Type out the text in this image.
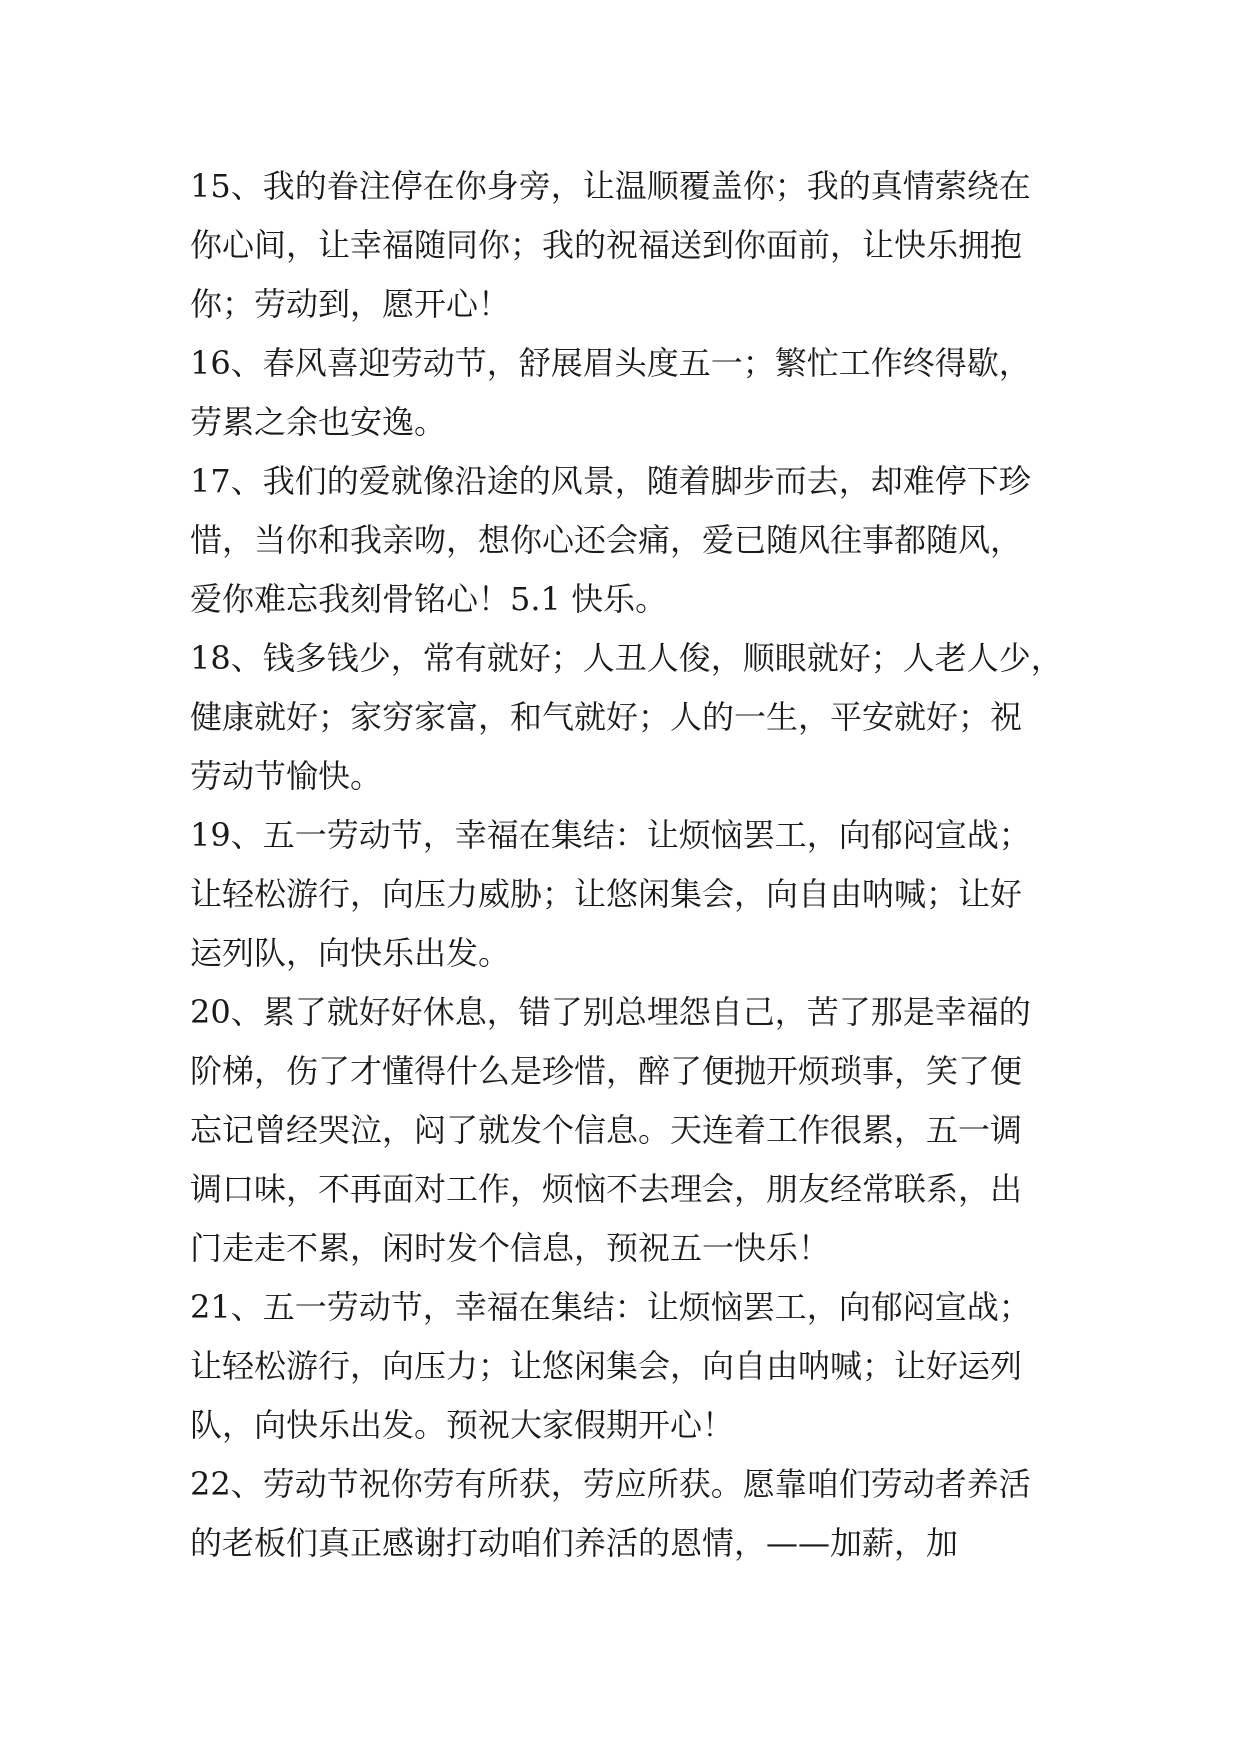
15、我的眷注停在你身旁，让温顺覆盖你；我的真情萦绕在
你心间，让幸福随同你；我的祝福送到你面前，让快乐拥抱
你；劳动到，愿开心！
16、春风喜迎劳动节，舒展眉头度五一；繁忙工作终得歇，
劳累之余也安逸。
17、我们的爱就像沿途的风景，随着脚步而去，却难停下珍
惜，当你和我亲吻，想你心还会痛，爱已随风往事都随风，
爱你难忘我刻骨铭心！5.1 快乐。
18、钱多钱少，常有就好；人丑人俊，顺眼就好；人老人少，
健康就好；家穷家富，和气就好；人的一生，平安就好；祝
劳动节愉快。
19、五一劳动节，幸福在集结：让烦恼罢工，向郁闷宣战；
让轻松游行，向压力威胁；让悠闲集会，向自由呐喊；让好
运列队，向快乐出发。
20、累了就好好休息，错了别总埋怨自己，苦了那是幸福的
阶梯，伤了才懂得什么是珍惜，醉了便抛开烦琐事，笑了便
忘记曾经哭泣，闷了就发个信息。天连着工作很累，五一调
调口味，不再面对工作，烦恼不去理会，朋友经常联系，出
门走走不累，闲时发个信息，预祝五一快乐！
21、五一劳动节，幸福在集结：让烦恼罢工，向郁闷宣战；
让轻松游行，向压力；让悠闲集会，向自由呐喊；让好运列
队，向快乐出发。预祝大家假期开心！
22、劳动节祝你劳有所获，劳应所获。愿靠咱们劳动者养活
的老板们真正感谢打动咱们养活的恩情，——加薪，加
